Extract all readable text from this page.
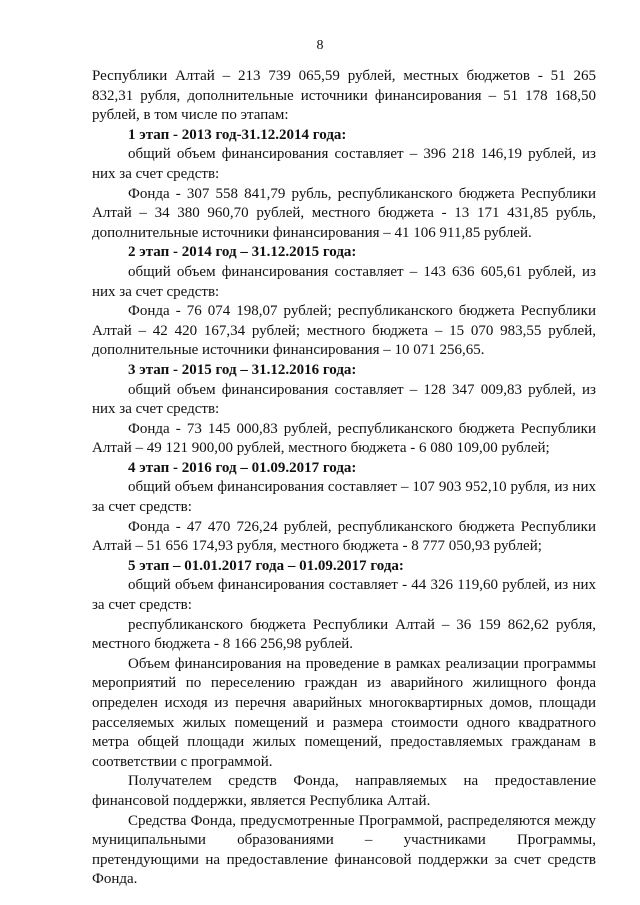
8

Республики Алтай – 213 739 065,59 рублей, местных бюджетов - 51 265 832,31 рубля, дополнительные источники финансирования – 51 178 168,50 рублей, в том числе по этапам:

1 этап - 2013 год-31.12.2014 года:

общий объем финансирования составляет – 396 218 146,19 рублей, из них за счет средств:

Фонда - 307 558 841,79 рубль, республиканского бюджета Республики Алтай – 34 380 960,70 рублей, местного бюджета - 13 171 431,85 рубль, дополнительные источники финансирования – 41 106 911,85 рублей.

2 этап - 2014 год – 31.12.2015 года:

общий объем финансирования составляет – 143 636 605,61 рублей, из них за счет средств:

Фонда - 76 074 198,07 рублей; республиканского бюджета Республики Алтай – 42 420 167,34 рублей; местного бюджета – 15 070 983,55 рублей, дополнительные источники финансирования – 10 071 256,65.

3 этап - 2015 год – 31.12.2016 года:

общий объем финансирования составляет – 128 347 009,83 рублей, из них за счет средств:

Фонда - 73 145 000,83 рублей, республиканского бюджета Республики Алтай – 49 121 900,00 рублей, местного бюджета - 6 080 109,00 рублей;

4 этап - 2016 год – 01.09.2017 года:

общий объем финансирования составляет – 107 903 952,10 рубля, из них за счет средств:

Фонда - 47 470 726,24 рублей, республиканского бюджета Республики Алтай – 51 656 174,93 рубля, местного бюджета - 8 777 050,93 рублей;

5 этап – 01.01.2017 года – 01.09.2017 года:

общий объем финансирования составляет - 44 326 119,60 рублей, из них за счет средств:

республиканского бюджета Республики Алтай – 36 159 862,62 рубля, местного бюджета - 8 166 256,98 рублей.

Объем финансирования на проведение в рамках реализации программы мероприятий по переселению граждан из аварийного жилищного фонда определен исходя из перечня аварийных многоквартирных домов, площади расселяемых жилых помещений и размера стоимости одного квадратного метра общей площади жилых помещений, предоставляемых гражданам в соответствии с программой.

Получателем средств Фонда, направляемых на предоставление финансовой поддержки, является Республика Алтай.

Средства Фонда, предусмотренные Программой, распределяются между муниципальными образованиями – участниками Программы, претендующими на предоставление финансовой поддержки за счет средств Фонда.
